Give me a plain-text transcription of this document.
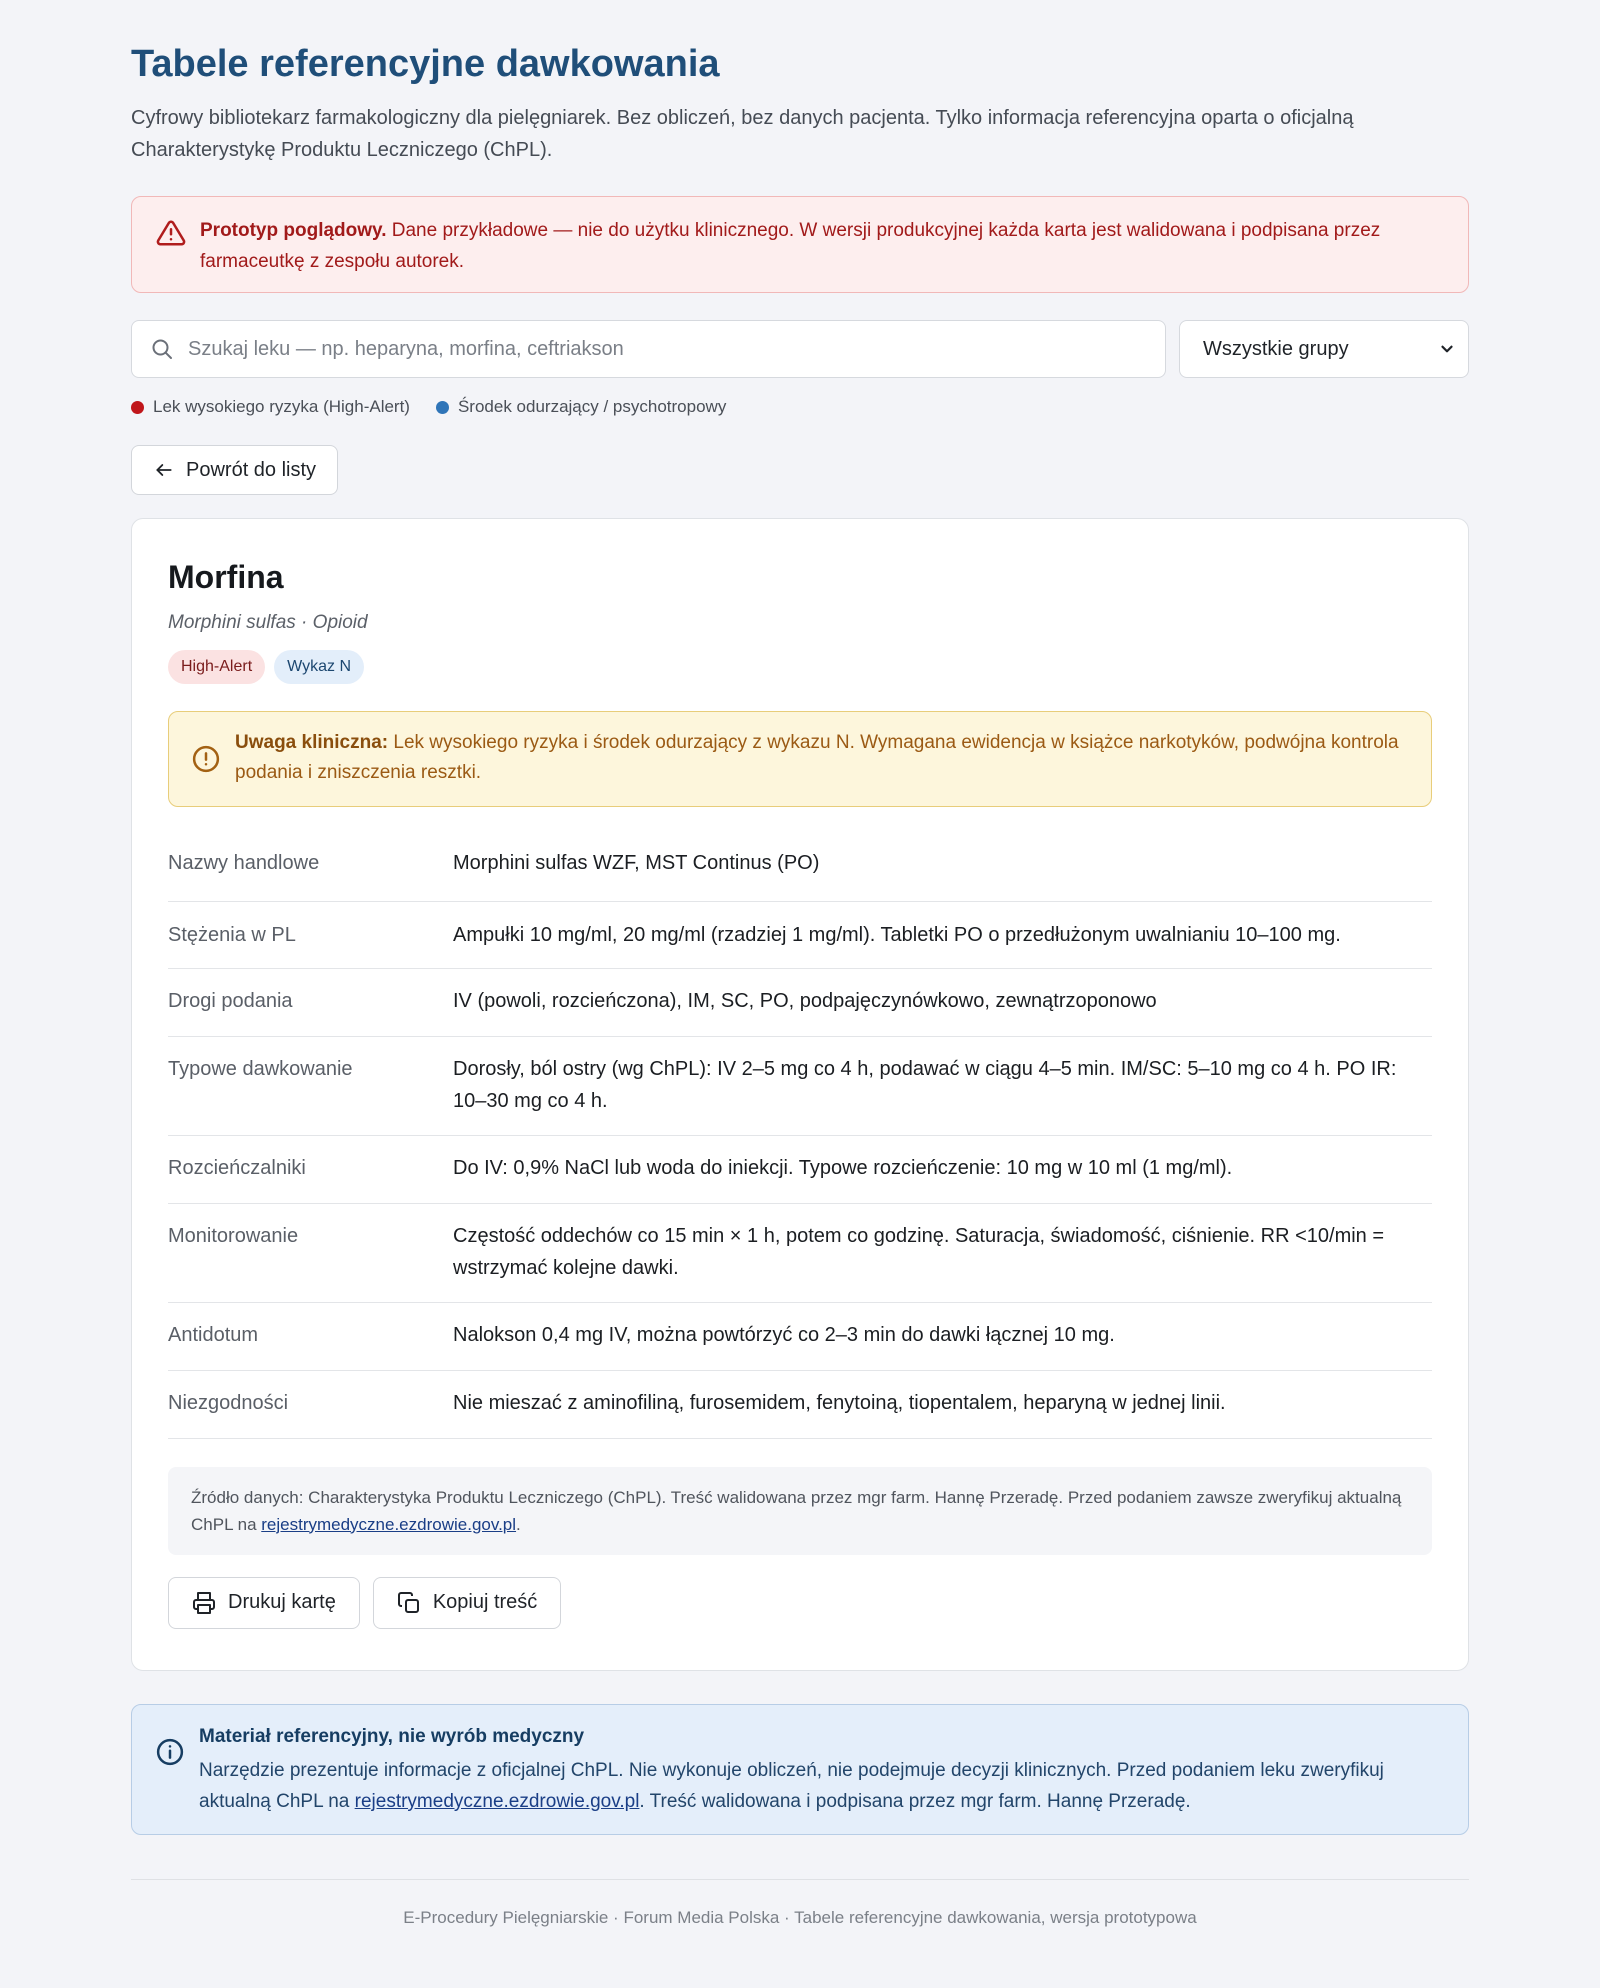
Tabele referencyjne dawkowania

Cyfrowy bibliotekarz farmakologiczny dla pielęgniarek. Bez obliczeń, bez danych pacjenta. Tylko informacja referencyjna oparta o oficjalną Charakterystykę Produktu Leczniczego (ChPL).

Prototyp poglądowy. Dane przykładowe — nie do użytku klinicznego. W wersji produkcyjnej każda karta jest walidowana i podpisana przez farmaceutkę z zespołu autorek.
Szukaj leku — np. heparyna, morfina, ceftriakson
Wszystkie grupy
Lek wysokiego ryzyka (High-Alert)	Środek odurzający / psychotropowy
Powrót do listy
Morfina
Morphini sulfas · Opioid
High-Alert	Wykaz N
Uwaga kliniczna: Lek wysokiego ryzyka i środek odurzający z wykazu N. Wymagana ewidencja w książce narkotyków, podwójna kontrola podania i zniszczenia resztki.
Nazwy handlowe	Morphini sulfas WZF, MST Continus (PO)
Stężenia w PL	Ampułki 10 mg/ml, 20 mg/ml (rzadziej 1 mg/ml). Tabletki PO o przedłużonym uwalnianiu 10–100 mg.
Drogi podania	IV (powoli, rozcieńczona), IM, SC, PO, podpajęczynówkowo, zewnątrzoponowo
Typowe dawkowanie	Dorosły, ból ostry (wg ChPL): IV 2–5 mg co 4 h, podawać w ciągu 4–5 min. IM/SC: 5–10 mg co 4 h. PO IR: 10–30 mg co 4 h.
Rozcieńczalniki	Do IV: 0,9% NaCl lub woda do iniekcji. Typowe rozcieńczenie: 10 mg w 10 ml (1 mg/ml).
Monitorowanie	Częstość oddechów co 15 min × 1 h, potem co godzinę. Saturacja, świadomość, ciśnienie. RR <10/min = wstrzymać kolejne dawki.
Antidotum	Nalokson 0,4 mg IV, można powtórzyć co 2–3 min do dawki łącznej 10 mg.
Niezgodności	Nie mieszać z aminofiliną, furosemidem, fenytoiną, tiopentalem, heparyną w jednej linii.
Źródło danych: Charakterystyka Produktu Leczniczego (ChPL). Treść walidowana przez mgr farm. Hannę Przeradę. Przed podaniem zawsze zweryfikuj aktualną ChPL na rejestrymedyczne.ezdrowie.gov.pl.
Drukuj kartę	Kopiuj treść
Materiał referencyjny, nie wyrób medyczny
Narzędzie prezentuje informacje z oficjalnej ChPL. Nie wykonuje obliczeń, nie podejmuje decyzji klinicznych. Przed podaniem leku zweryfikuj aktualną ChPL na rejestrymedyczne.ezdrowie.gov.pl. Treść walidowana i podpisana przez mgr farm. Hannę Przeradę.
E-Procedury Pielęgniarskie · Forum Media Polska · Tabele referencyjne dawkowania, wersja prototypowa
